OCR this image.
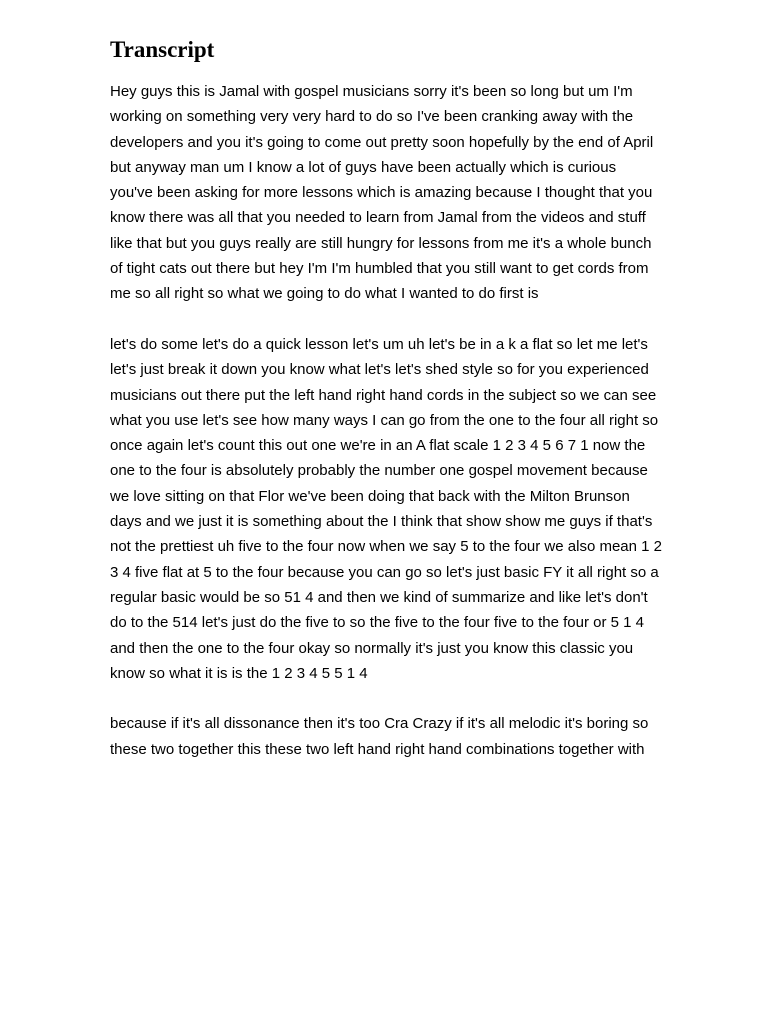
Transcript

Hey guys this is Jamal with gospel musicians sorry it's been so long but um I'm working on something very very hard to do so I've been cranking away with the developers and you it's going to come out pretty soon hopefully by the end of April but anyway man um I know a lot of guys have been actually which is curious you've been asking for more lessons which is amazing because I thought that you know there was all that you needed to learn from Jamal from the videos and stuff like that but you guys really are still hungry for lessons from me it's a whole bunch of tight cats out there but hey I'm I'm humbled that you still want to get cords from me so all right so what we going to do what I wanted to do first is

let's do some let's do a quick lesson let's um uh let's be in a k a flat so let me let's let's just break it down you know what let's let's shed style so for you experienced musicians out there put the left hand right hand cords in the subject so we can see what you use let's see how many ways I can go from the one to the four all right so once again let's count this out one we're in an A flat scale 1 2 3 4 5 6 7 1 now the one to the four is absolutely probably the number one gospel movement because we love sitting on that Flor we've been doing that back with the Milton Brunson days and we just it is something about the I think that show show me guys if that's not the prettiest uh five to the four now when we say 5 to the four we also mean 1 2 3 4 five flat at 5 to the four because you can go so let's just basic FY it all right so a regular basic would be so 51 4 and then we kind of summarize and like let's don't do to the 514 let's just do the five to so the five to the four five to the four or 5 1 4 and then the one to the four okay so normally it's just you know this classic you know so what it is is the 1 2 3 4 5 5 1 4

because if it's all dissonance then it's too Cra Crazy if it's all melodic it's boring so these two together this these two left hand right hand combinations together with
